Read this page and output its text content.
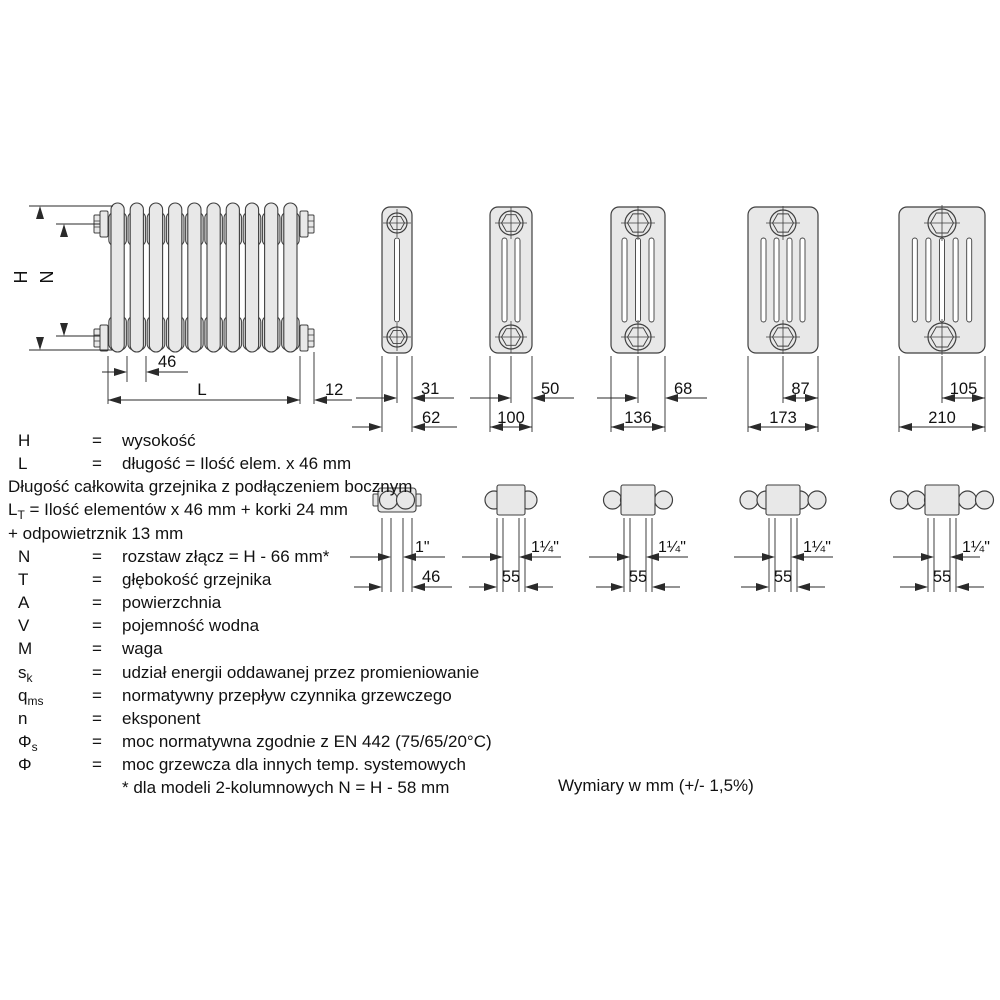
H N
46
L	12	31
62
50
100
68
136
87
173
105
210
1"
46
1¼"
55
1¼"
55
1¼"
55
1¼"
55
H	= wysokość
L	= długość = Ilość elem. x 46 mm
Długość całkowita grzejnika z podłączeniem bocznym
$L_T$ = Ilość elementów x 46 mm + korki 24 mm
+ odpowietrznik 13 mm
N	= rozstaw złącz = H - 66 mm*
T	= głębokość grzejnika
A	= powierzchnia
V	= pojemność wodna
M	= waga
$s_k$	= udział energii oddawanej przez promieniowanie
$q_{ms}$	= normatywny przepływ czynnika grzewczego
n	= eksponent
$\Phi_s$	= moc normatywna zgodnie z EN 442 (75/65/20°C)
Φ	= moc grzewcza dla innych temp. systemowych
* dla modeli 2-kolumnowych N = H - 58 mm	Wymiary w mm (+/- 1,5%)
